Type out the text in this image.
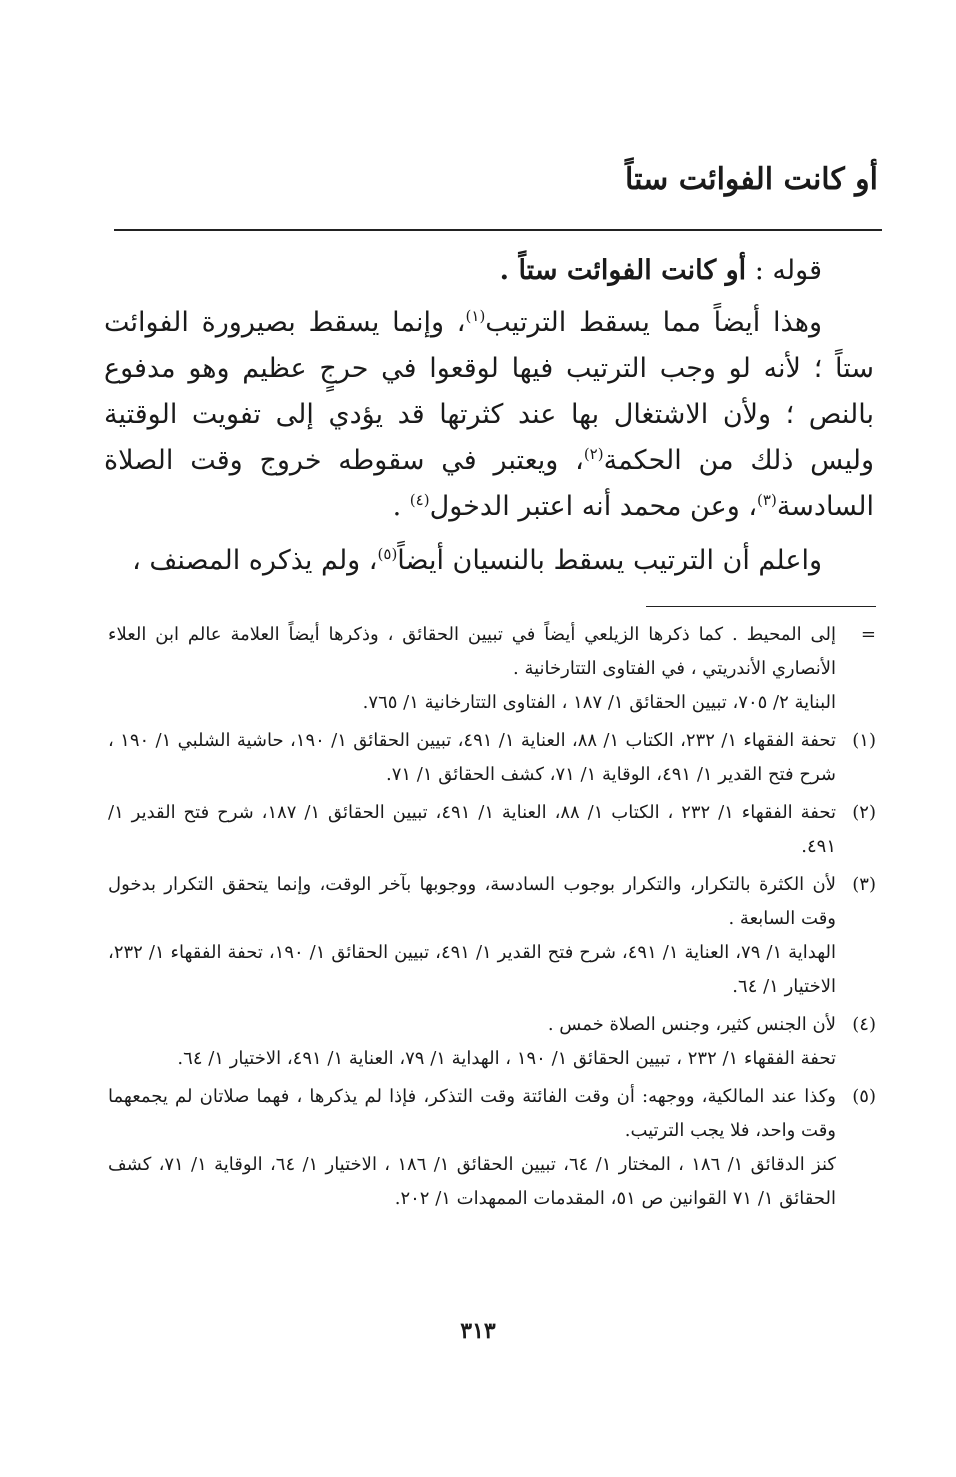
أو كانت الفوائت ستاً

قوله : أو كانت الفوائت ستاً .

وهذا أيضاً مما يسقط الترتيب$^{(١)}$، وإنما يسقط بصيرورة الفوائت ستاً ؛ لأنه لو وجب الترتيب فيها لوقعوا في حرجٍ عظيم وهو مدفوع بالنص ؛ ولأن الاشتغال بها عند كثرتها قد يؤدي إلى تفويت الوقتية وليس ذلك من الحكمة$^{(٢)}$، ويعتبر في سقوطه خروج وقت الصلاة السادسة$^{(٣)}$، وعن محمد أنه اعتبر الدخول$^{(٤)}$ .

واعلم أن الترتيب يسقط بالنسيان أيضاً$^{(٥)}$، ولم يذكره المصنف ،

=

إلى المحيط . كما ذكرها الزيلعي أيضاً في تبيين الحقائق ، وذكرها أيضاً العلامة عالم ابن العلاء الأنصاري الأندريتي ، في الفتاوى التتارخانية .

البناية ٢/ ٧٠٥، تبيين الحقائق ١/ ١٨٧ ، الفتاوى التتارخانية ١/ ٧٦٥.

(١)

تحفة الفقهاء ١/ ٢٣٢، الكتاب ١/ ٨٨، العناية ١/ ٤٩١، تبيين الحقائق ١/ ١٩٠، حاشية الشلبي ١/ ١٩٠ ، شرح فتح القدير ١/ ٤٩١، الوقاية ١/ ٧١، كشف الحقائق ١/ ٧١.

(٢)

تحفة الفقهاء ١/ ٢٣٢ ، الكتاب ١/ ٨٨، العناية ١/ ٤٩١، تبيين الحقائق ١/ ١٨٧، شرح فتح القدير ١/ ٤٩١.

(٣)

لأن الكثرة بالتكرار، والتكرار بوجوب السادسة، ووجوبها بآخر الوقت، وإنما يتحقق التكرار بدخول وقت السابعة .

الهداية ١/ ٧٩، العناية ١/ ٤٩١، شرح فتح القدير ١/ ٤٩١، تبيين الحقائق ١/ ١٩٠، تحفة الفقهاء ١/ ٢٣٢، الاختيار ١/ ٦٤.

(٤)

لأن الجنس كثير، وجنس الصلاة خمس .

تحفة الفقهاء ١/ ٢٣٢ ، تبيين الحقائق ١/ ١٩٠ ، الهداية ١/ ٧٩، العناية ١/ ٤٩١، الاختيار ١/ ٦٤.

(٥)

وكذا عند المالكية، ووجهه: أن وقت الفائتة وقت التذكر، فإذا لم يذكرها ، فهما صلاتان لم يجمعهما وقت واحد، فلا يجب الترتيب.

كنز الدقائق ١/ ١٨٦ ، المختار ١/ ٦٤، تبيين الحقائق ١/ ١٨٦ ، الاختيار ١/ ٦٤، الوقاية ١/ ٧١، كشف الحقائق ١/ ٧١ القوانين ص ٥١، المقدمات الممهدات ١/ ٢٠٢.

٣١٣
